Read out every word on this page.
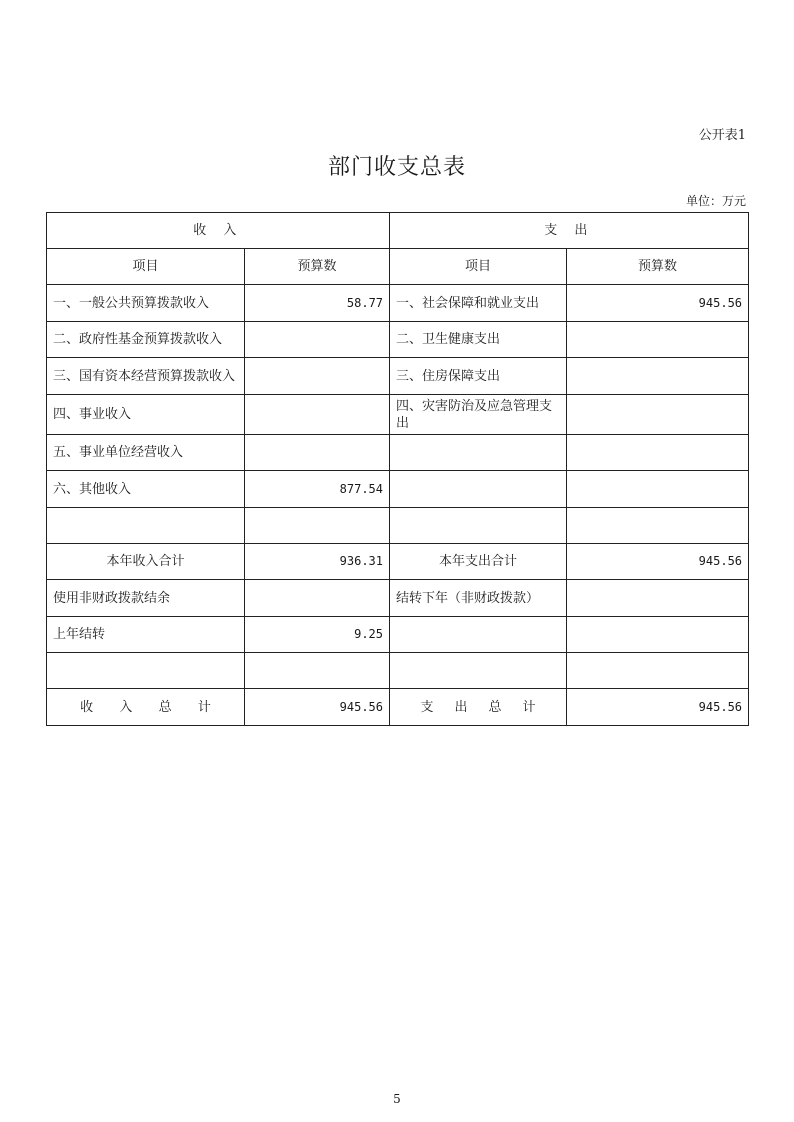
公开表1
部门收支总表
单位：万元
收 入		支 出	
项目	预算数	项目	预算数
一、一般公共预算拨款收入	58.77	一、社会保障和就业支出	945.56
二、政府性基金预算拨款收入		二、卫生健康支出	
三、国有资本经营预算拨款收入		三、住房保障支出	
四、事业收入		四、灾害防治及应急管理支出	
五、事业单位经营收入			
六、其他收入	877.54		

本年收入合计	936.31	本年支出合计	945.56
使用非财政拨款结余		结转下年（非财政拨款）	
上年结转	9.25		

收 入 总 计	945.56	支 出 总 计	945.56
5
